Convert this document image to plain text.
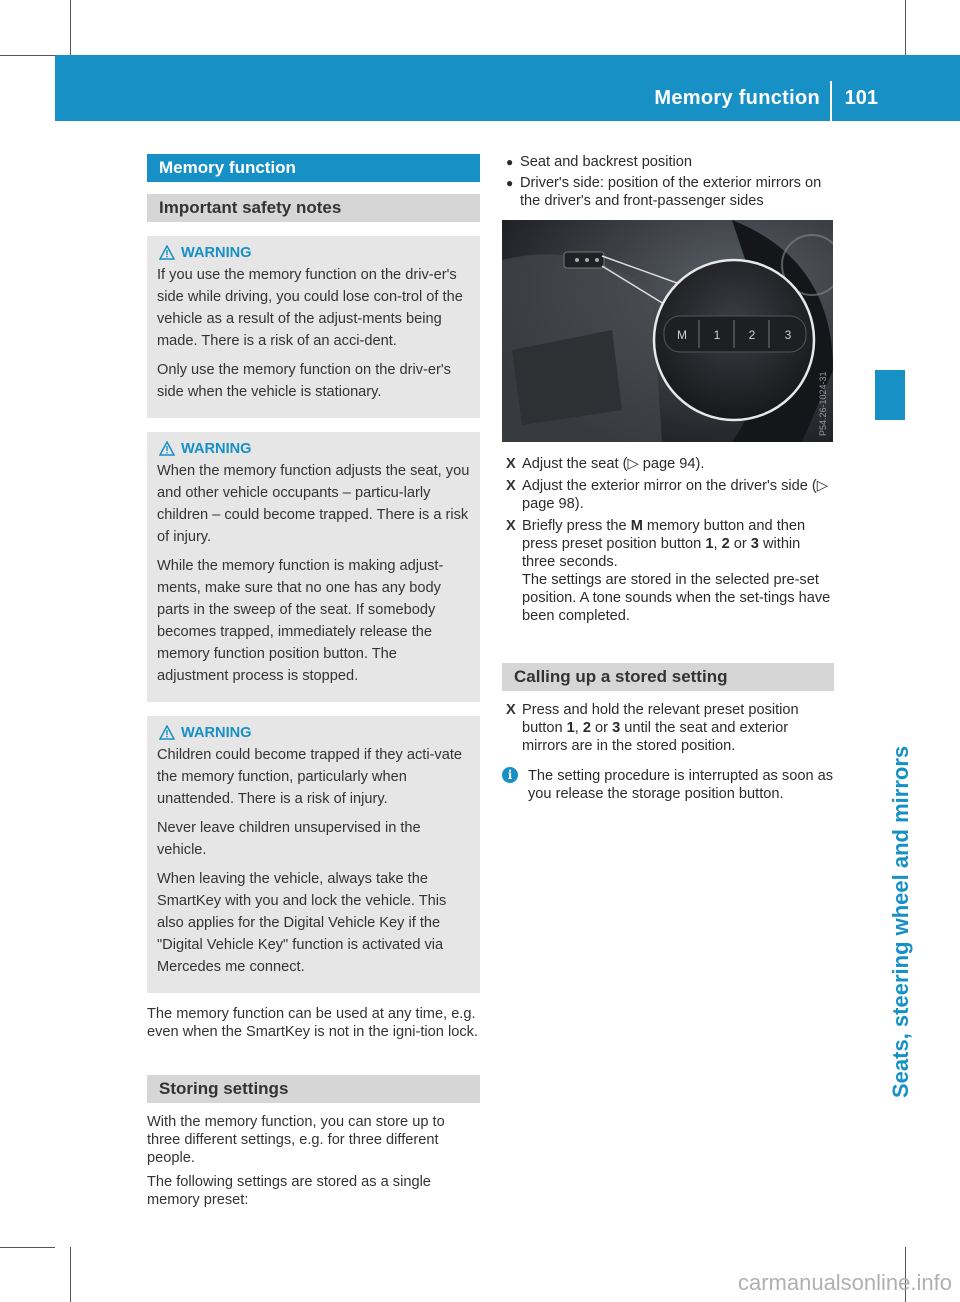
Memory function 101
Seats, steering wheel and mirrors
Memory function
Important safety notes
WARNING

If you use the memory function on the driv-er's side while driving, you could lose con-trol of the vehicle as a result of the adjust-ments being made. There is a risk of an acci-dent.

Only use the memory function on the driv-er's side when the vehicle is stationary.

WARNING

When the memory function adjusts the seat, you and other vehicle occupants – particu-larly children – could become trapped. There is a risk of injury.

While the memory function is making adjust-ments, make sure that no one has any body parts in the sweep of the seat. If somebody becomes trapped, immediately release the memory function position button. The adjustment process is stopped.

WARNING

Children could become trapped if they acti-vate the memory function, particularly when unattended. There is a risk of injury.

Never leave children unsupervised in the vehicle.

When leaving the vehicle, always take the SmartKey with you and lock the vehicle. This also applies for the Digital Vehicle Key if the "Digital Vehicle Key" function is activated via Mercedes me connect.

The memory function can be used at any time, e.g. even when the SmartKey is not in the igni-tion lock.

Storing settings

With the memory function, you can store up to three different settings, e.g. for three different people.

The following settings are stored as a single memory preset:

● Seat and backrest position
● Driver's side: position of the exterior mirrors on the driver's and front-passenger sides
M 1 2 3
P54.26-1024-31
X Adjust the seat (▷ page 94).
X Adjust the exterior mirror on the driver's side (▷ page 98).
X Briefly press the M memory button and then press preset position button 1, 2 or 3 within three seconds.
The settings are stored in the selected pre-set position. A tone sounds when the set-tings have been completed.
Calling up a stored setting
X Press and hold the relevant preset position button 1, 2 or 3 until the seat and exterior mirrors are in the stored position.
i	The setting procedure is interrupted as soon as you release the storage position button.
carmanualsonline.info
